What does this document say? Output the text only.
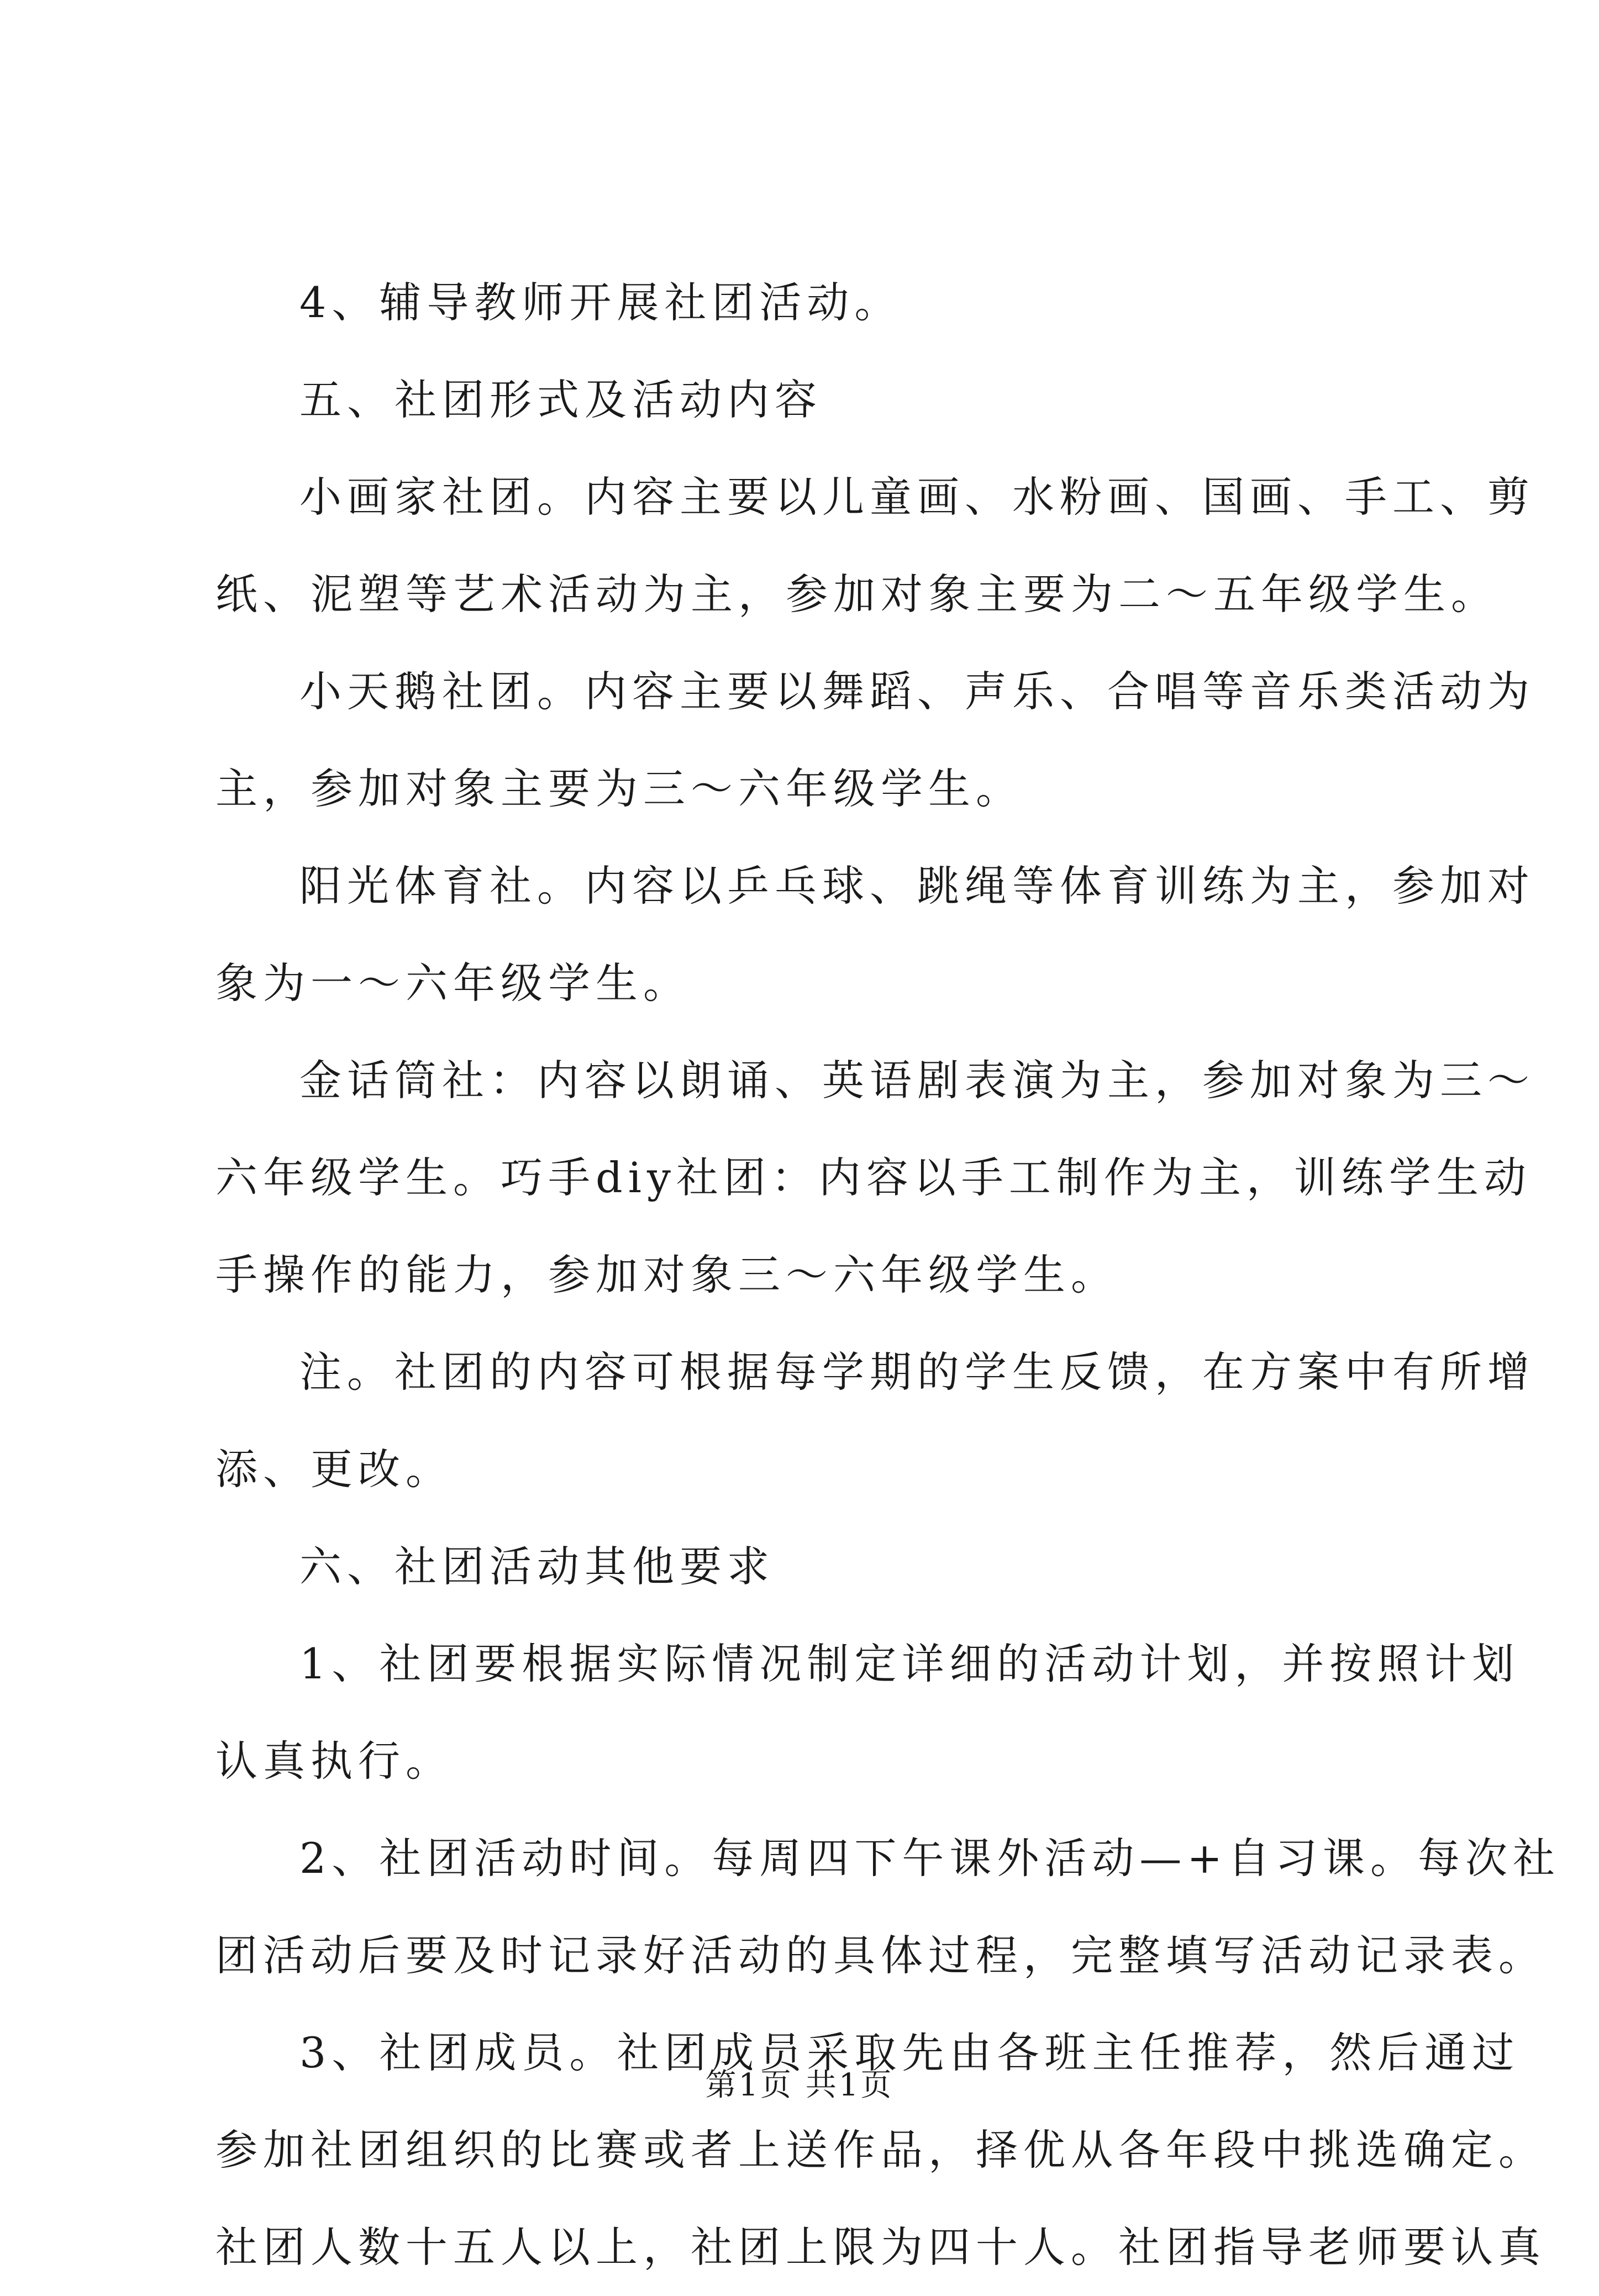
4、辅导教师开展社团活动。
五、社团形式及活动内容
小画家社团。内容主要以儿童画、水粉画、国画、手工、剪
纸、泥塑等艺术活动为主，参加对象主要为二～五年级学生。
小天鹅社团。内容主要以舞蹈、声乐、合唱等音乐类活动为
主，参加对象主要为三～六年级学生。
阳光体育社。内容以乒乓球、跳绳等体育训练为主，参加对
象为一～六年级学生。
金话筒社：内容以朗诵、英语剧表演为主，参加对象为三～
六年级学生。巧手diy社团：内容以手工制作为主，训练学生动
手操作的能力，参加对象三～六年级学生。
注。社团的内容可根据每学期的学生反馈，在方案中有所增
添、更改。
六、社团活动其他要求
1、社团要根据实际情况制定详细的活动计划，并按照计划
认真执行。
2、社团活动时间。每周四下午课外活动—+自习课。每次社
团活动后要及时记录好活动的具体过程，完整填写活动记录表。
3、社团成员。社团成员采取先由各班主任推荐，然后通过
参加社团组织的比赛或者上送作品，择优从各年段中挑选确定。
社团人数十五人以上，社团上限为四十人。社团指导老师要认真
第1页 共1页
